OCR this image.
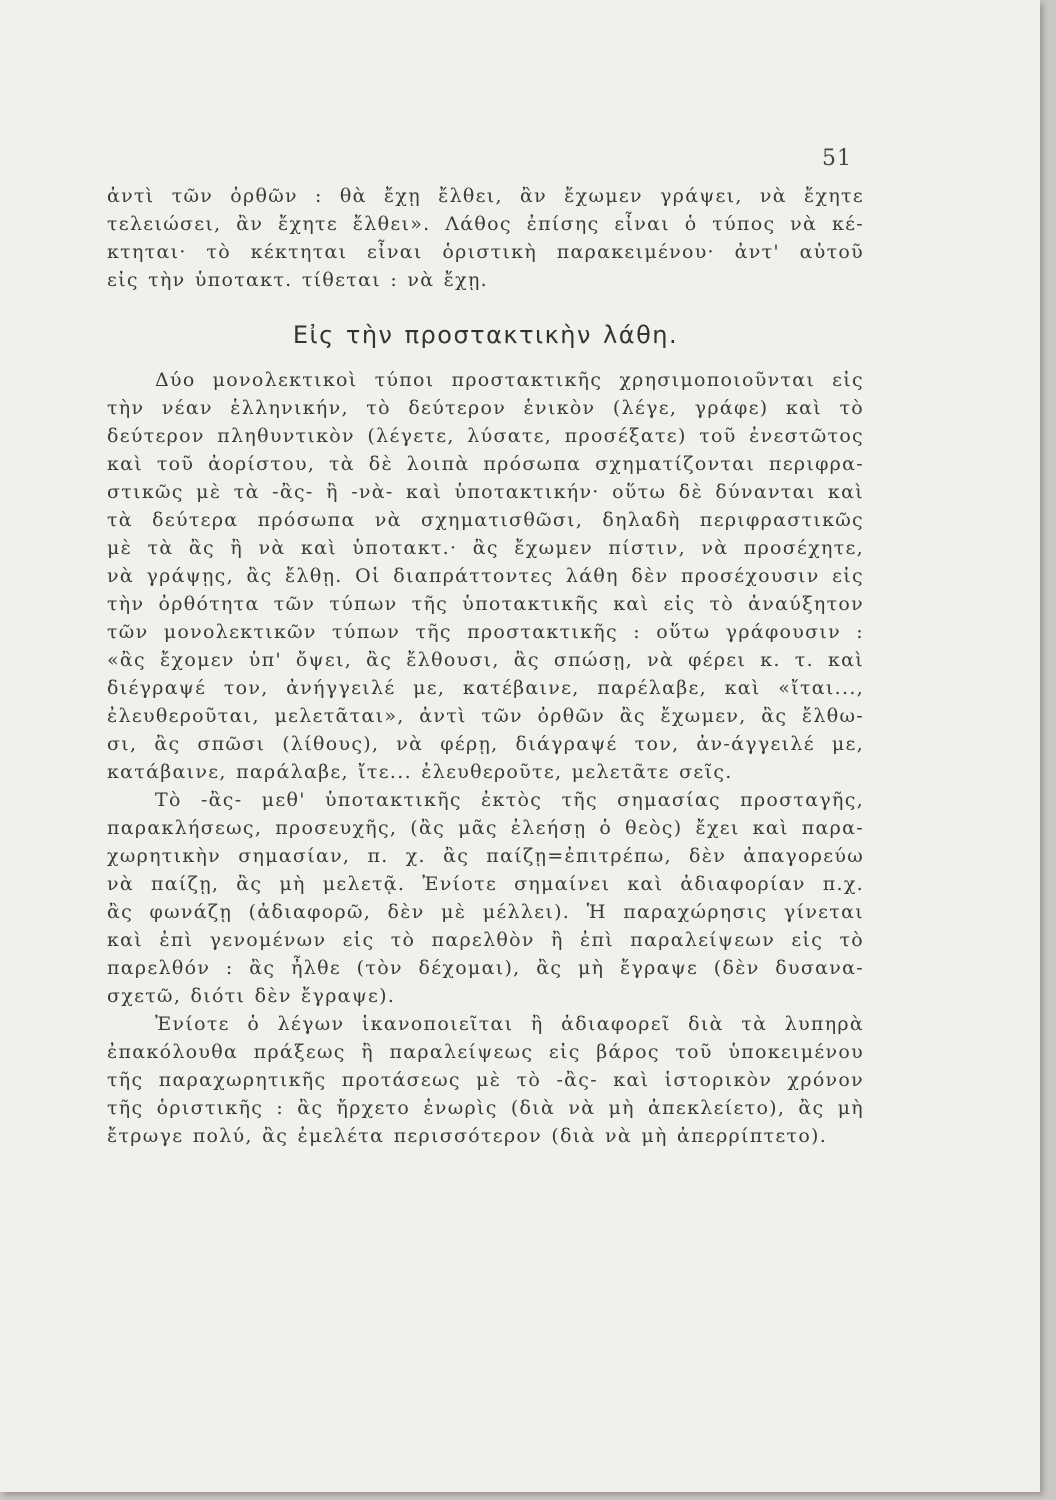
51
ἀντὶ τῶν ὀρθῶν : θὰ ἔχῃ ἔλθει, ἂν ἔχωμεν γράψει, νὰ ἔχητε
τελειώσει, ἂν ἔχητε ἔλθει». Λάθος ἐπίσης εἶναι ὁ τύπος νὰ κέ-
κτηται· τὸ κέκτηται εἶναι ὁριστικὴ παρακειμένου· ἀντ' αὐτοῦ
εἰς τὴν ὑποτακτ. τίθεται : νὰ ἔχῃ.
Εἰς τὴν προστακτικὴν λάθη.
Δύο μονολεκτικοὶ τύποι προστακτικῆς χρησιμοποιοῦνται εἰς
τὴν νέαν ἑλληνικήν, τὸ δεύτερον ἑνικὸν (λέγε, γράφε) καὶ τὸ
δεύτερον πληθυντικὸν (λέγετε, λύσατε, προσέξατε) τοῦ ἐνεστῶτος
καὶ τοῦ ἀορίστου, τὰ δὲ λοιπὰ πρόσωπα σχηματίζονται περιφρα-
στικῶς μὲ τὰ -ἂς- ἢ -νὰ- καὶ ὑποτακτικήν· οὕτω δὲ δύνανται καὶ
τὰ δεύτερα πρόσωπα νὰ σχηματισθῶσι, δηλαδὴ περιφραστικῶς
μὲ τὰ ἂς ἢ νὰ καὶ ὑποτακτ.· ἂς ἔχωμεν πίστιν, νὰ προσέχητε,
νὰ γράψῃς, ἂς ἔλθῃ. Οἱ διαπράττοντες λάθη δὲν προσέχουσιν εἰς
τὴν ὀρθότητα τῶν τύπων τῆς ὑποτακτικῆς καὶ εἰς τὸ ἀναύξητον
τῶν μονολεκτικῶν τύπων τῆς προστακτικῆς : οὕτω γράφουσιν :
«ἂς ἔχομεν ὑπ' ὄψει, ἂς ἔλθουσι, ἂς σπώσῃ, νὰ φέρει κ. τ. καὶ
διέγραψέ τον, ἀνήγγειλέ με, κατέβαινε, παρέλαβε, καὶ «ἴται...,
ἐλευθεροῦται, μελετᾶται», ἀντὶ τῶν ὀρθῶν ἂς ἔχωμεν, ἂς ἔλθω-
σι, ἂς σπῶσι (λίθους), νὰ φέρῃ, διάγραψέ τον, ἀν-άγγειλέ με,
κατάβαινε, παράλαβε, ἴτε... ἐλευθεροῦτε, μελετᾶτε σεῖς.
Τὸ -ἂς- μεθ' ὑποτακτικῆς ἐκτὸς τῆς σημασίας προσταγῆς,
παρακλήσεως, προσευχῆς, (ἂς μᾶς ἐλεήσῃ ὁ θεὸς) ἔχει καὶ παρα-
χωρητικὴν σημασίαν, π. χ. ἂς παίζῃ=ἐπιτρέπω, δὲν ἀπαγορεύω
νὰ παίζῃ, ἂς μὴ μελετᾷ. Ἐνίοτε σημαίνει καὶ ἀδιαφορίαν π.χ.
ἂς φωνάζῃ (ἀδιαφορῶ, δὲν μὲ μέλλει). Ἡ παραχώρησις γίνεται
καὶ ἐπὶ γενομένων εἰς τὸ παρελθὸν ἢ ἐπὶ παραλείψεων εἰς τὸ
παρελθόν : ἂς ἦλθε (τὸν δέχομαι), ἂς μὴ ἔγραψε (δὲν δυσανα-
σχετῶ, διότι δὲν ἔγραψε).
Ἐνίοτε ὁ λέγων ἱκανοποιεῖται ἢ ἀδιαφορεῖ διὰ τὰ λυπηρὰ
ἐπακόλουθα πράξεως ἢ παραλείψεως εἰς βάρος τοῦ ὑποκειμένου
τῆς παραχωρητικῆς προτάσεως μὲ τὸ -ἂς- καὶ ἱστορικὸν χρόνον
τῆς ὁριστικῆς : ἂς ἤρχετο ἐνωρὶς (διὰ νὰ μὴ ἀπεκλείετο), ἂς μὴ
ἔτρωγε πολύ, ἂς ἐμελέτα περισσότερον (διὰ νὰ μὴ ἀπερρίπτετο).
